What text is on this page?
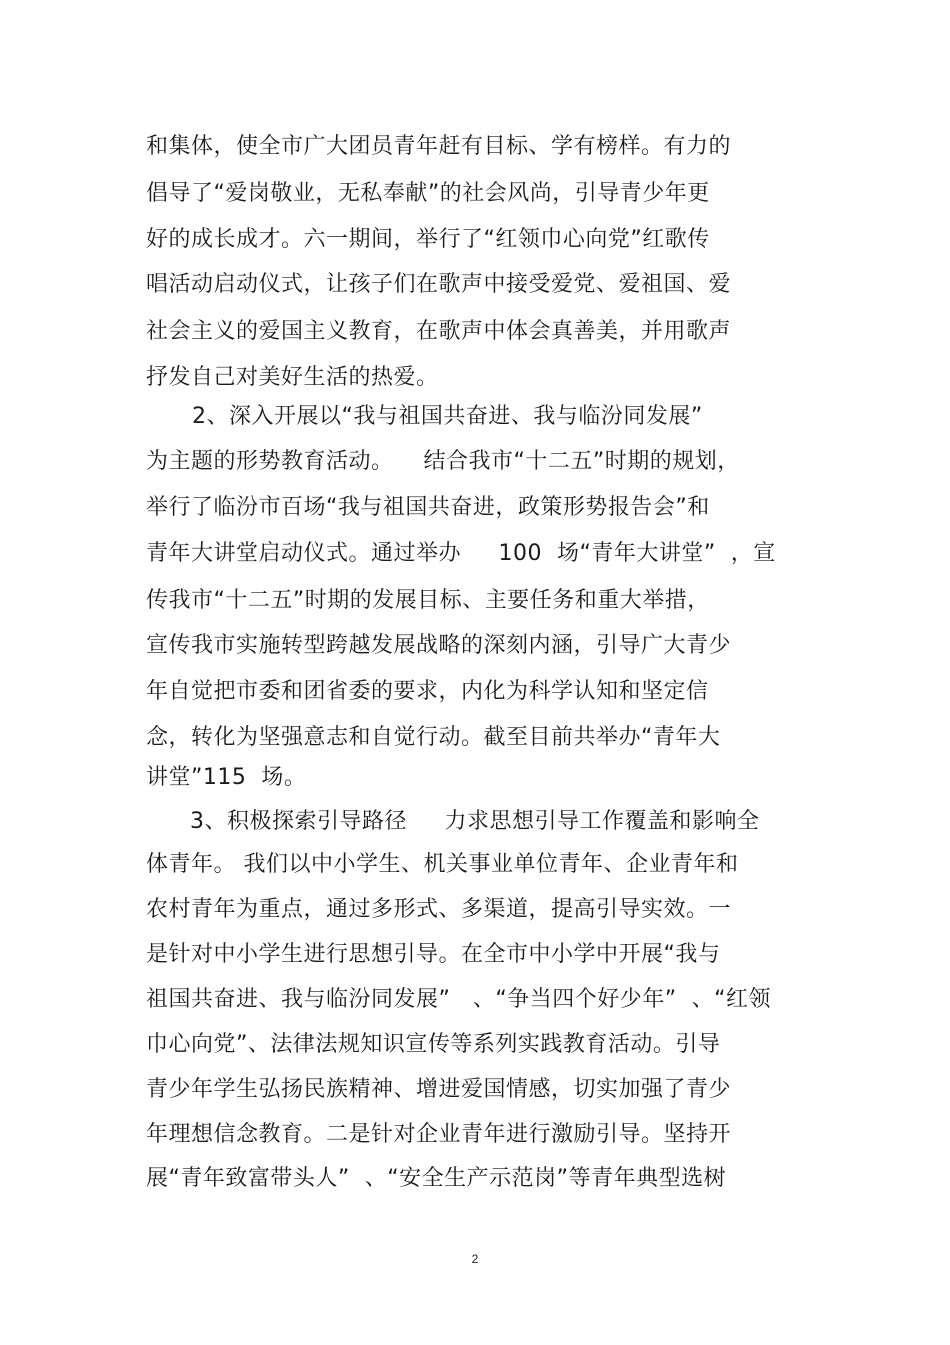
和集体，使全市广大团员青年赶有目标、学有榜样。有力的
倡导了“爱岗敬业，无私奉献”的社会风尚，引导青少年更
好的成长成才。六一期间，举行了“红领巾心向党”红歌传
唱活动启动仪式，让孩子们在歌声中接受爱党、爱祖国、爱
社会主义的爱国主义教育，在歌声中体会真善美，并用歌声
抒发自己对美好生活的热爱。
2、深入开展以“我与祖国共奋进、我与临汾同发展”
为主题的形势教育活动。    结合我市“十二五”时期的规划，
举行了临汾市百场“我与祖国共奋进，政策形势报告会”和
青年大讲堂启动仪式。通过举办     100  场“青年大讲堂”  ，宣
传我市“十二五”时期的发展目标、主要任务和重大举措，
宣传我市实施转型跨越发展战略的深刻内涵，引导广大青少
年自觉把市委和团省委的要求，内化为科学认知和坚定信
念，转化为坚强意志和自觉行动。截至目前共举办“青年大
讲堂”115  场。
3、积极探索引导路径     力求思想引导工作覆盖和影响全
体青年。 我们以中小学生、机关事业单位青年、企业青年和
农村青年为重点，通过多形式、多渠道，提高引导实效。一
是针对中小学生进行思想引导。在全市中小学中开展“我与
祖国共奋进、我与临汾同发展”   、“争当四个好少年”  、“红领
巾心向党”、法律法规知识宣传等系列实践教育活动。引导
青少年学生弘扬民族精神、增进爱国情感，切实加强了青少
年理想信念教育。二是针对企业青年进行激励引导。坚持开
展“青年致富带头人”  、“安全生产示范岗”等青年典型选树
2
